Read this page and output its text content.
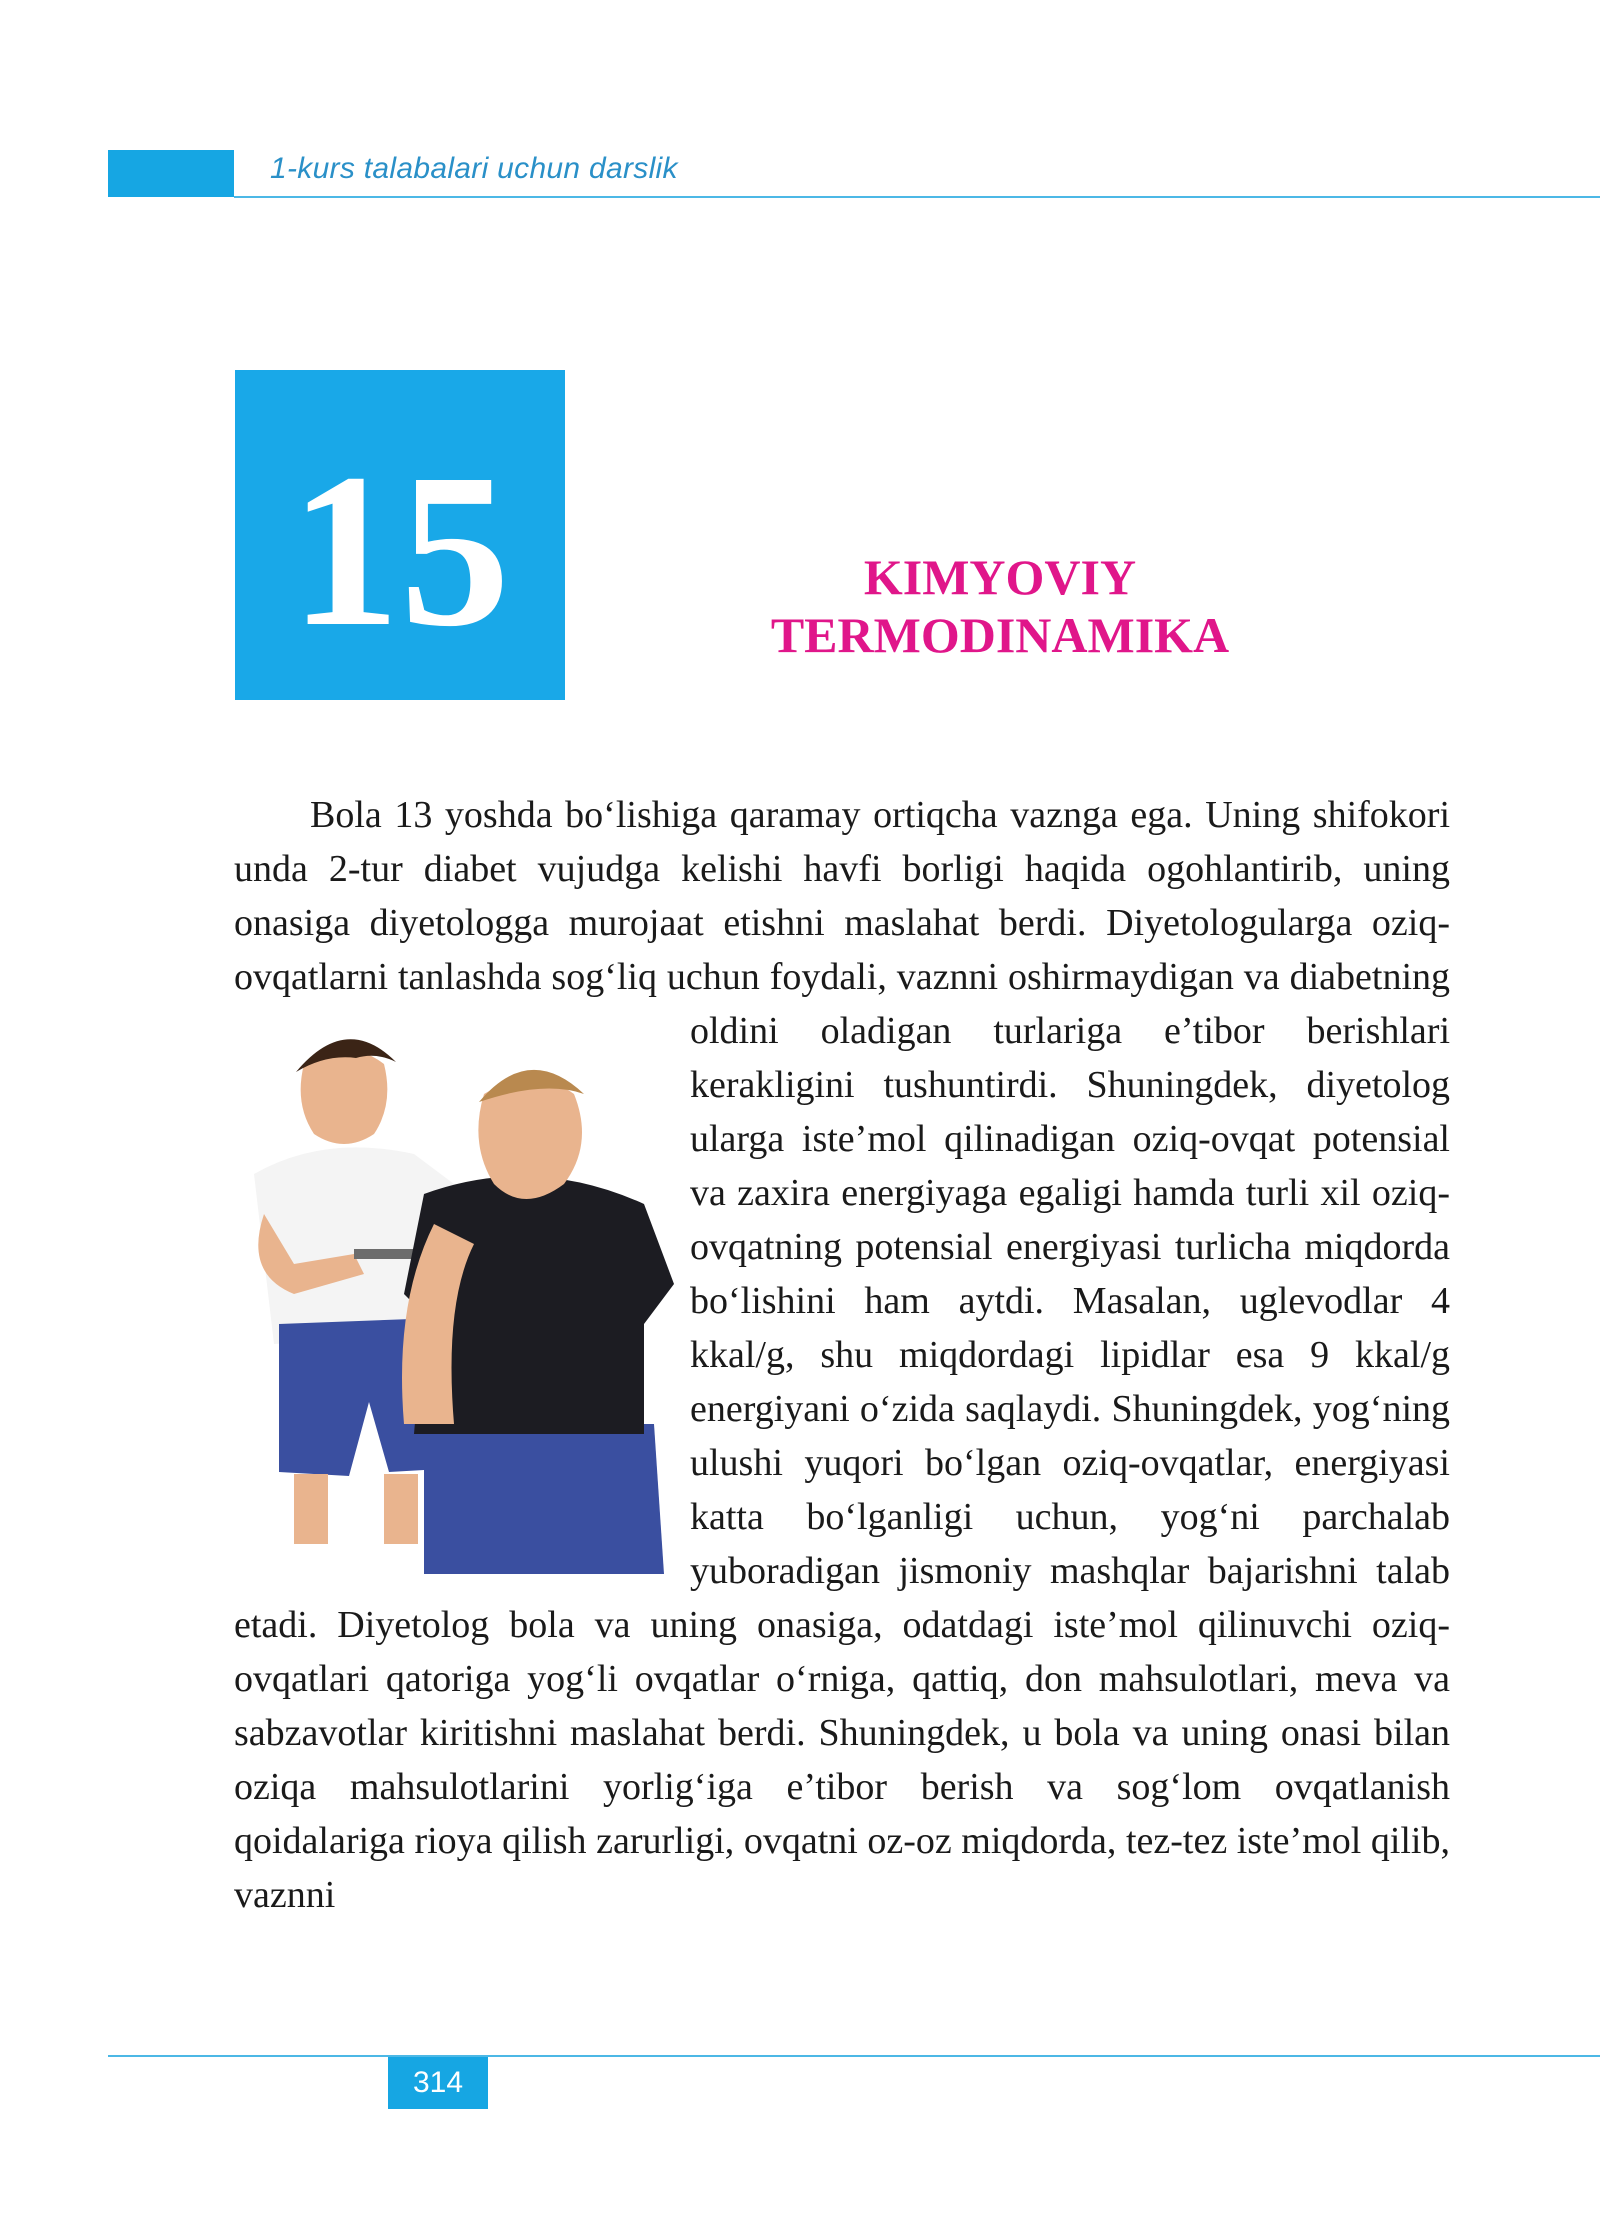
1-kurs talabalari uchun darslik
15	KIMYOVIY
TERMODINAMIKA
Bola 13 yoshda bo‘lishiga qaramay ortiqcha vaznga ega. Uning shifokori unda 2-tur diabet vujudga kelishi havfi borligi haqida ogohlantirib, uning onasiga diyetologga murojaat etishni maslahat berdi. Diyetologularga oziq-ovqatlarni tanlashda sog‘liq uchun foydali, vaznni oshirmaydigan va diabetning oldini oladigan turlariga e’tibor berishlari kerakligini tushuntirdi. Shuningdek, diyetolog ularga iste’mol qilinadigan oziq-ovqat potensial va zaxira energiyaga egaligi hamda turli xil oziq-ovqatning potensial energiyasi turlicha miqdorda bo‘lishini ham aytdi. Masalan, uglevodlar 4 kkal/g, shu miqdordagi lipidlar esa 9 kkal/g energiyani o‘zida saqlaydi. Shuningdek, yog‘ning ulushi yuqori bo‘lgan oziq-ovqatlar, energiyasi katta bo‘lganligi uchun, yog‘ni parchalab yuboradigan jismoniy mashqlar bajarishni talab etadi. Diyetolog bola va uning onasiga, odatdagi iste’mol qilinuvchi oziq-ovqatlari qatoriga yog‘li ovqatlar o‘rniga, qattiq, don mahsulotlari, meva va sabzavotlar kiritishni maslahat berdi. Shuningdek, u bola va uning onasi bilan oziqa mahsulotlarini yorlig‘iga e’tibor berish va sog‘lom ovqatlanish qoidalariga rioya qilish zarurligi, ovqatni oz-oz miqdorda, tez-tez iste’mol qilib, vaznni
314
